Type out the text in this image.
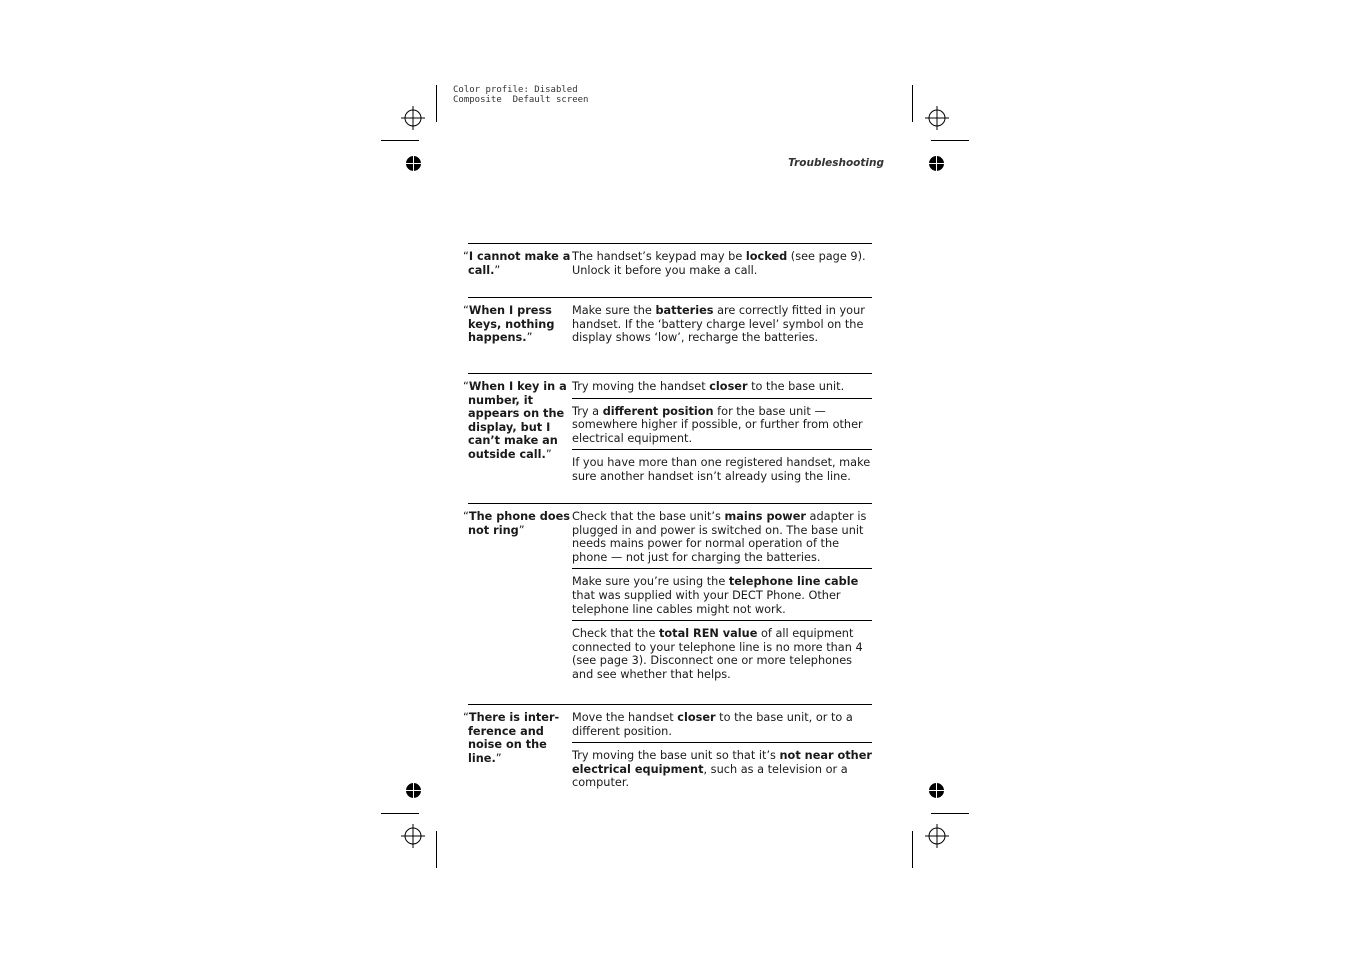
Color profile: Disabled
Composite  Default screen
Troubleshooting
“I cannot make a call.”
The handset’s keypad may be locked (see page 9). Unlock it before you make a call.
“When I press keys, nothing happens.”
Make sure the batteries are correctly fitted in your handset. If the ‘battery charge level’ symbol on the display shows ‘low’, recharge the batteries.
“When I key in a number, it appears on the display, but I can’t make an outside call.”
Try moving the handset closer to the base unit.
Try a different position for the base unit — somewhere higher if possible, or further from other electrical equipment.
If you have more than one registered handset, make sure another handset isn’t already using the line.
“The phone does not ring”
Check that the base unit’s mains power adapter is plugged in and power is switched on. The base unit needs mains power for normal operation of the phone — not just for charging the batteries.
Make sure you’re using the telephone line cable that was supplied with your DECT Phone. Other telephone line cables might not work.
Check that the total REN value of all equipment connected to your telephone line is no more than 4 (see page 3). Disconnect one or more telephones and see whether that helps.
“There is inter-ference and noise on the line.”
Move the handset closer to the base unit, or to a different position.
Try moving the base unit so that it’s not near other electrical equipment, such as a television or a computer.
